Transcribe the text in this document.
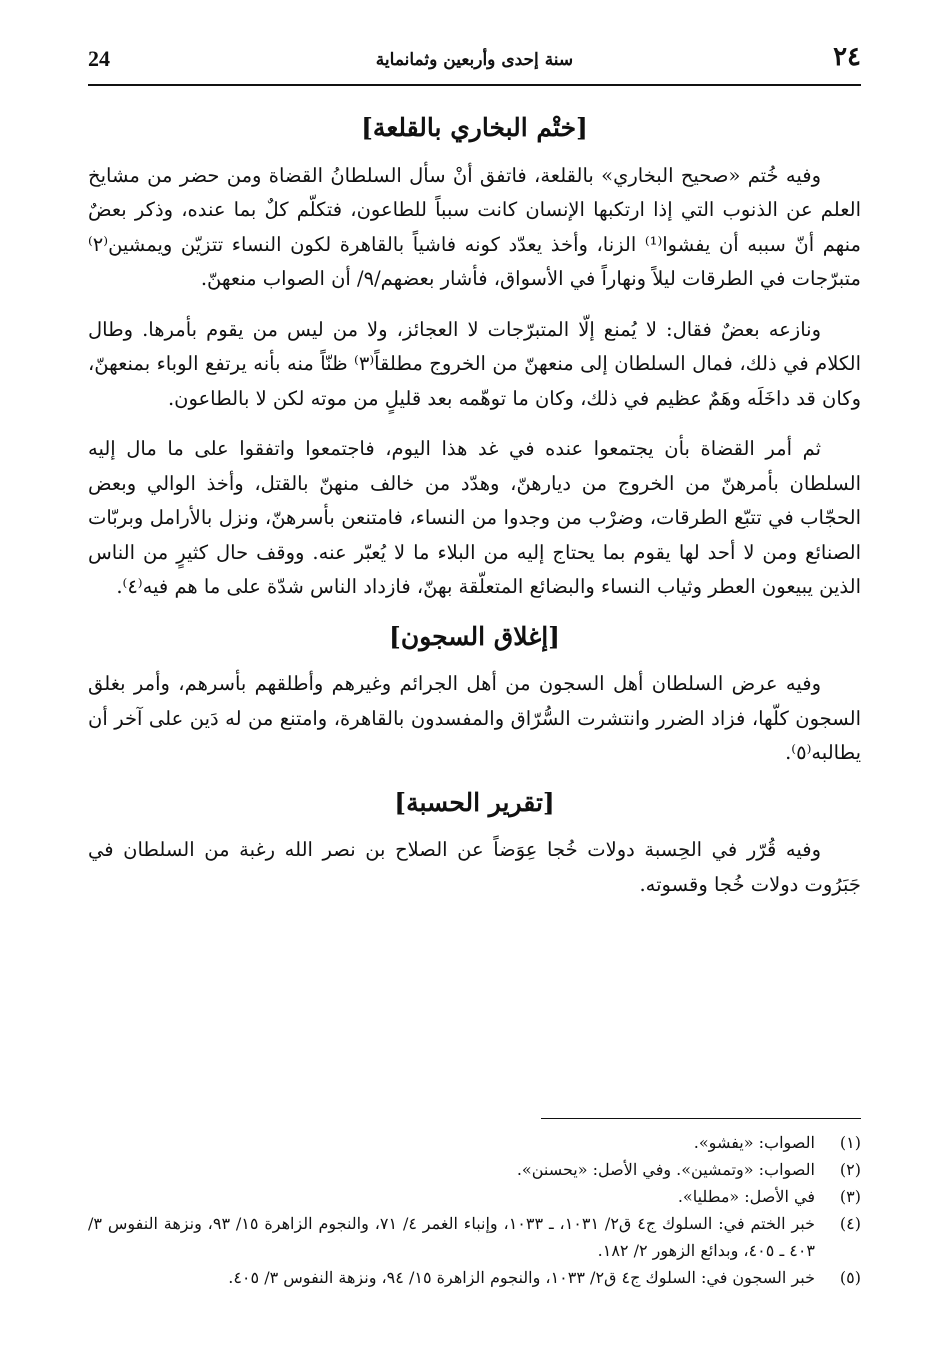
24	سنة إحدى وأربعين وثمانماية	٢٤
[ختْم البخاري بالقلعة]

وفيه خُتم «صحيح البخاري» بالقلعة، فاتفق أنْ سأل السلطانُ القضاة ومن حضر من مشايخ العلم عن الذنوب التي إذا ارتكبها الإنسان كانت سبباً للطاعون، فتكلّم كلٌ بما عنده، وذكر بعضٌ منهم أنّ سببه أن يفشوا⁽¹⁾ الزنا، وأخذ يعدّد كونه فاشياً بالقاهرة لكون النساء تتزيّن ويمشين⁽٢⁾ متبرّجات في الطرقات ليلاً ونهاراً في الأسواق، فأشار بعضهم/٩/ أن الصواب منعهنّ.

ونازعه بعضٌ فقال: لا يُمنع إلّا المتبرّجات لا العجائز، ولا من ليس من يقوم بأمرها. وطال الكلام في ذلك، فمال السلطان إلى منعهنّ من الخروج مطلقاً⁽٣⁾ ظنّاً منه بأنه يرتفع الوباء بمنعهنّ، وكان قد داخَلَه وهَمٌ عظيم في ذلك، وكان ما توهّمه بعد قليلٍ من موته لكن لا بالطاعون.

ثم أمر القضاة بأن يجتمعوا عنده في غد هذا اليوم، فاجتمعوا واتفقوا على ما مال إليه السلطان بأمرهنّ من الخروج من ديارهنّ، وهدّد من خالف منهنّ بالقتل، وأخذ الوالي وبعض الحجّاب في تتبّع الطرقات، وضرْب من وجدوا من النساء، فامتنعن بأسرهنّ، ونزل بالأرامل وبربّات الصنائع ومن لا أحد لها يقوم بما يحتاج إليه من البلاء ما لا يُعبّر عنه. ووقف حال كثيرٍ من الناس الذين يبيعون العطر وثياب النساء والبضائع المتعلّقة بهنّ، فازداد الناس شدّة على ما هم فيه⁽٤⁾.

[إغلاق السجون]

وفيه عرض السلطان أهل السجون من أهل الجرائم وغيرهم وأطلقهم بأسرهم، وأمر بغلق السجون كلّها، فزاد الضرر وانتشرت السُّرّاق والمفسدون بالقاهرة، وامتنع من له دَين على آخر أن يطالبه⁽٥⁾.

[تقرير الحسبة]

وفيه قُرّر في الحِسبة دولات خُجا عِوَضاً عن الصلاح بن نصر الله رغبة من السلطان في جَبَرُوت دولات خُجا وقسوته.

(١)
الصواب: «يفشو».
(٢)
الصواب: «وتمشين». وفي الأصل: «يحسنن».
(٣)
في الأصل: «مطليا».
(٤)
خبر الختم في: السلوك ج٤ ق٢/ ١٠٣١، ـ ١٠٣٣، وإنباء الغمر ٤/ ٧١، والنجوم الزاهرة ١٥/ ٩٣، ونزهة النفوس ٣/ ٤٠٣ ـ ٤٠٥، وبدائع الزهور ٢/ ١٨٢.
(٥)
خبر السجون في: السلوك ج٤ ق٢/ ١٠٣٣، والنجوم الزاهرة ١٥/ ٩٤، ونزهة النفوس ٣/ ٤٠٥.
